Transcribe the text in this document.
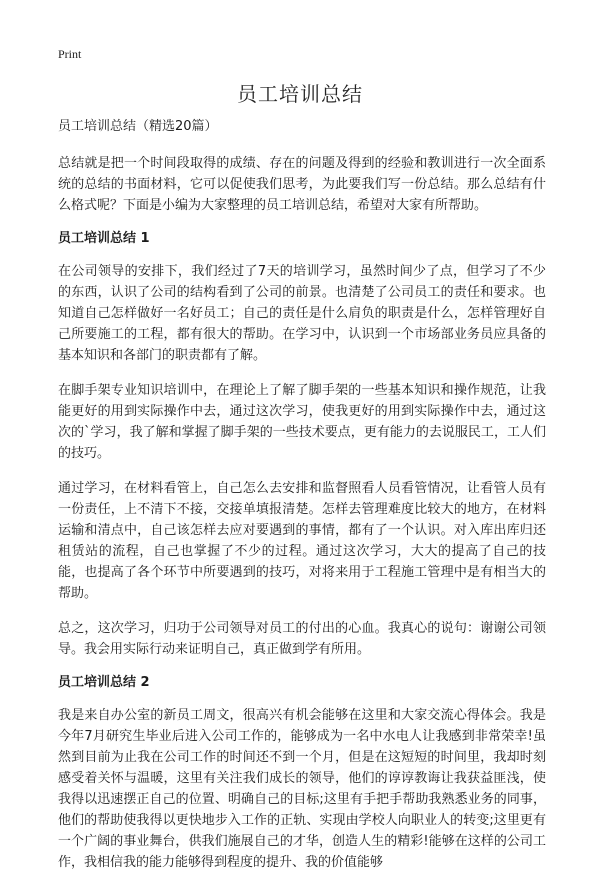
Print
员工培训总结

员工培训总结（精选20篇）

总结就是把一个时间段取得的成绩、存在的问题及得到的经验和教训进行一次全面系统的总结的书面材料，它可以促使我们思考，为此要我们写一份总结。那么总结有什么格式呢？下面是小编为大家整理的员工培训总结，希望对大家有所帮助。

员工培训总结 1

在公司领导的安排下，我们经过了7天的培训学习，虽然时间少了点，但学习了不少的东西，认识了公司的结构看到了公司的前景。也清楚了公司员工的责任和要求。也知道自己怎样做好一名好员工；自己的责任是什么肩负的职责是什么，怎样管理好自己所要施工的工程，都有很大的帮助。在学习中，认识到一个市场部业务员应具备的基本知识和各部门的职责都有了解。

在脚手架专业知识培训中，在理论上了解了脚手架的一些基本知识和操作规范，让我能更好的用到实际操作中去，通过这次学习，使我更好的用到实际操作中去，通过这次的`学习，我了解和掌握了脚手架的一些技术要点，更有能力的去说服民工，工人们的技巧。

通过学习，在材料看管上，自己怎么去安排和监督照看人员看管情况，让看管人员有一份责任，上不清下不接，交接单填报清楚。怎样去管理难度比较大的地方，在材料运输和清点中，自己该怎样去应对要遇到的事情，都有了一个认识。对入库出库归还租赁站的流程，自己也掌握了不少的过程。通过这次学习，大大的提高了自己的技能，也提高了各个环节中所要遇到的技巧，对将来用于工程施工管理中是有相当大的帮助。

总之，这次学习，归功于公司领导对员工的付出的心血。我真心的说句：谢谢公司领导。我会用实际行动来证明自己，真正做到学有所用。

员工培训总结 2

我是来自办公室的新员工周文，很高兴有机会能够在这里和大家交流心得体会。我是今年7月研究生毕业后进入公司工作的，能够成为一名中水电人让我感到非常荣幸!虽然到目前为止我在公司工作的时间还不到一个月，但是在这短短的时间里，我却时刻感受着关怀与温暖，这里有关注我们成长的领导，他们的谆谆教诲让我获益匪浅，使我得以迅速摆正自己的位置、明确自己的目标;这里有手把手帮助我熟悉业务的同事，他们的帮助使我得以更快地步入工作的正轨、实现由学校人向职业人的转变;这里更有一个广阔的事业舞台，供我们施展自己的才华，创造人生的精彩!能够在这样的公司工作，我相信我的能力能够得到程度的提升、我的价值能够
